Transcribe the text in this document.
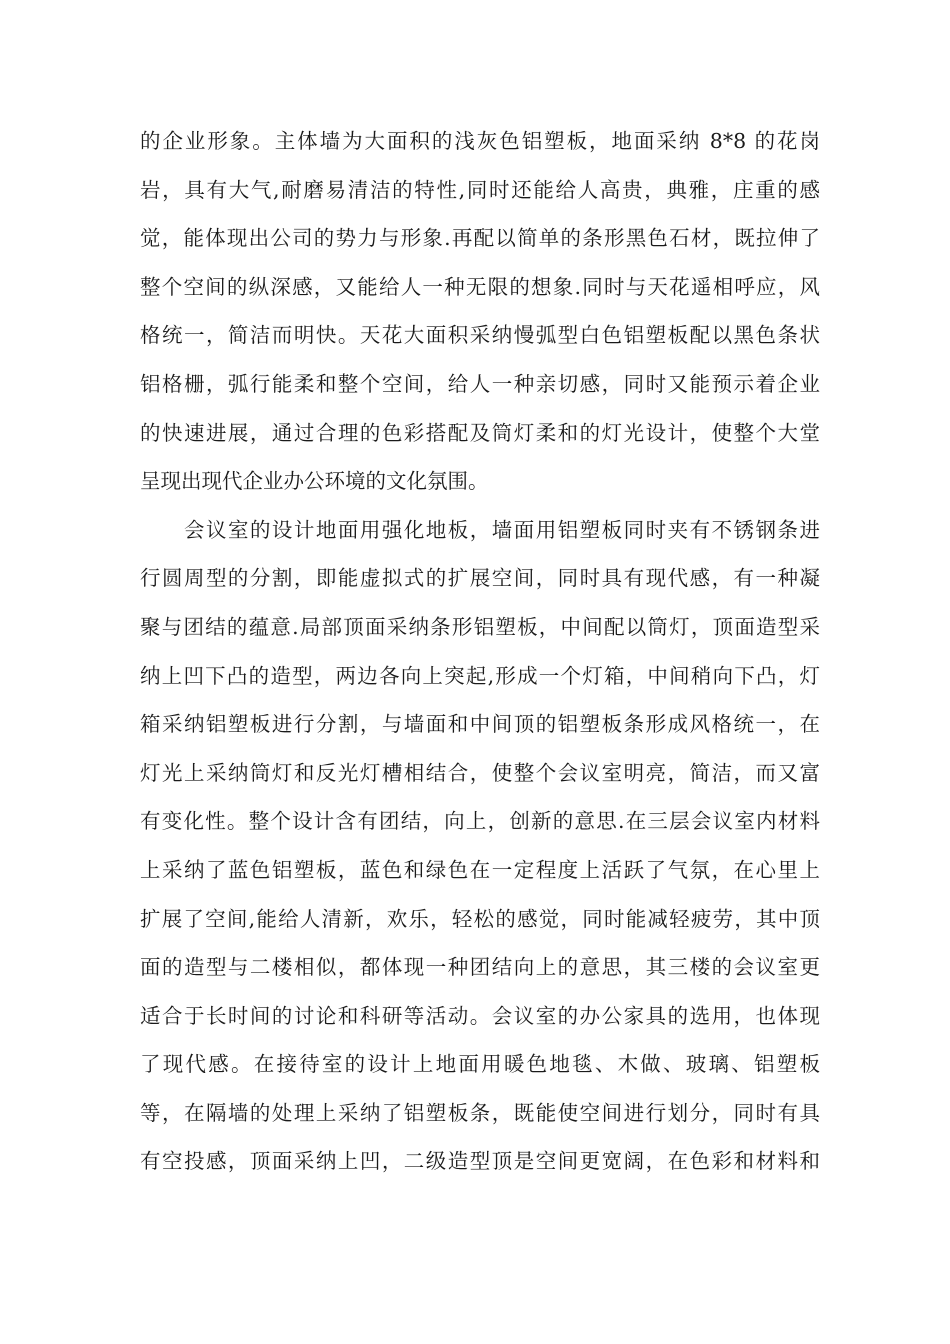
的企业形象。主体墙为大面积的浅灰色铝塑板，地面采纳 8*8 的花岗
岩，具有大气,耐磨易清洁的特性,同时还能给人高贵，典雅，庄重的感
觉，能体现出公司的势力与形象.再配以简单的条形黑色石材，既拉伸了
整个空间的纵深感，又能给人一种无限的想象.同时与天花遥相呼应，风
格统一，简洁而明快。天花大面积采纳慢弧型白色铝塑板配以黑色条状
铝格栅，弧行能柔和整个空间，给人一种亲切感，同时又能预示着企业
的快速进展，通过合理的色彩搭配及筒灯柔和的灯光设计，使整个大堂
呈现出现代企业办公环境的文化氛围。
会议室的设计地面用强化地板，墙面用铝塑板同时夹有不锈钢条进
行圆周型的分割，即能虚拟式的扩展空间，同时具有现代感，有一种凝
聚与团结的蕴意.局部顶面采纳条形铝塑板，中间配以筒灯，顶面造型采
纳上凹下凸的造型，两边各向上突起,形成一个灯箱，中间稍向下凸，灯
箱采纳铝塑板进行分割，与墙面和中间顶的铝塑板条形成风格统一，在
灯光上采纳筒灯和反光灯槽相结合，使整个会议室明亮，简洁，而又富
有变化性。整个设计含有团结，向上，创新的意思.在三层会议室内材料
上采纳了蓝色铝塑板，蓝色和绿色在一定程度上活跃了气氛，在心里上
扩展了空间,能给人清新，欢乐，轻松的感觉，同时能减轻疲劳，其中顶
面的造型与二楼相似，都体现一种团结向上的意思，其三楼的会议室更
适合于长时间的讨论和科研等活动。会议室的办公家具的选用，也体现
了现代感。在接待室的设计上地面用暖色地毯、木做、玻璃、铝塑板
等，在隔墙的处理上采纳了铝塑板条，既能使空间进行划分，同时有具
有空投感，顶面采纳上凹，二级造型顶是空间更宽阔，在色彩和材料和
